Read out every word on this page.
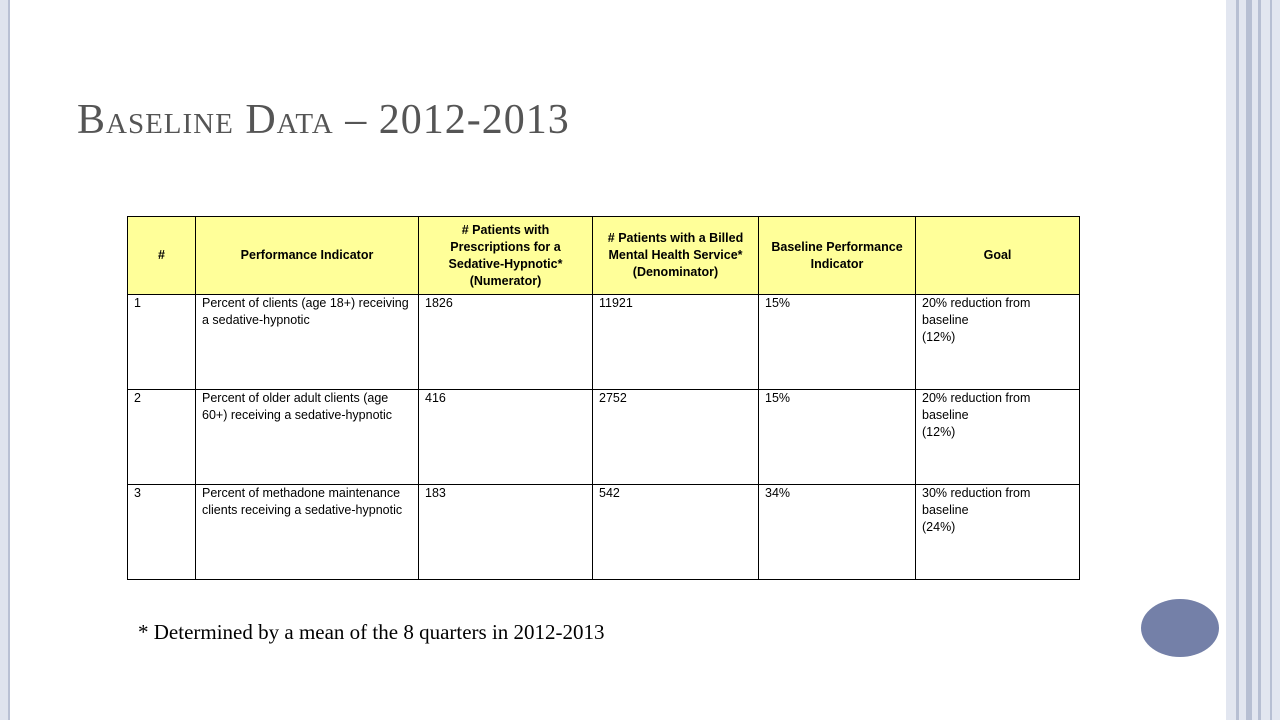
Baseline Data – 2012-2013
#	Performance Indicator	# Patients with Prescriptions for a Sedative-Hypnotic* (Numerator)	# Patients with a Billed Mental Health Service* (Denominator)	Baseline Performance Indicator	Goal
1	Percent of clients (age 18+) receiving a sedative-hypnotic	1826	11921	15%	20% reduction from baseline
(12%)

2	Percent of older adult clients (age 60+) receiving a sedative-hypnotic	416	2752	15%	20% reduction from baseline
(12%)

3	Percent of methadone maintenance clients receiving a sedative-hypnotic	183	542	34%	30% reduction from baseline
(24%)

* Determined by a mean of the 8 quarters in 2012-2013
